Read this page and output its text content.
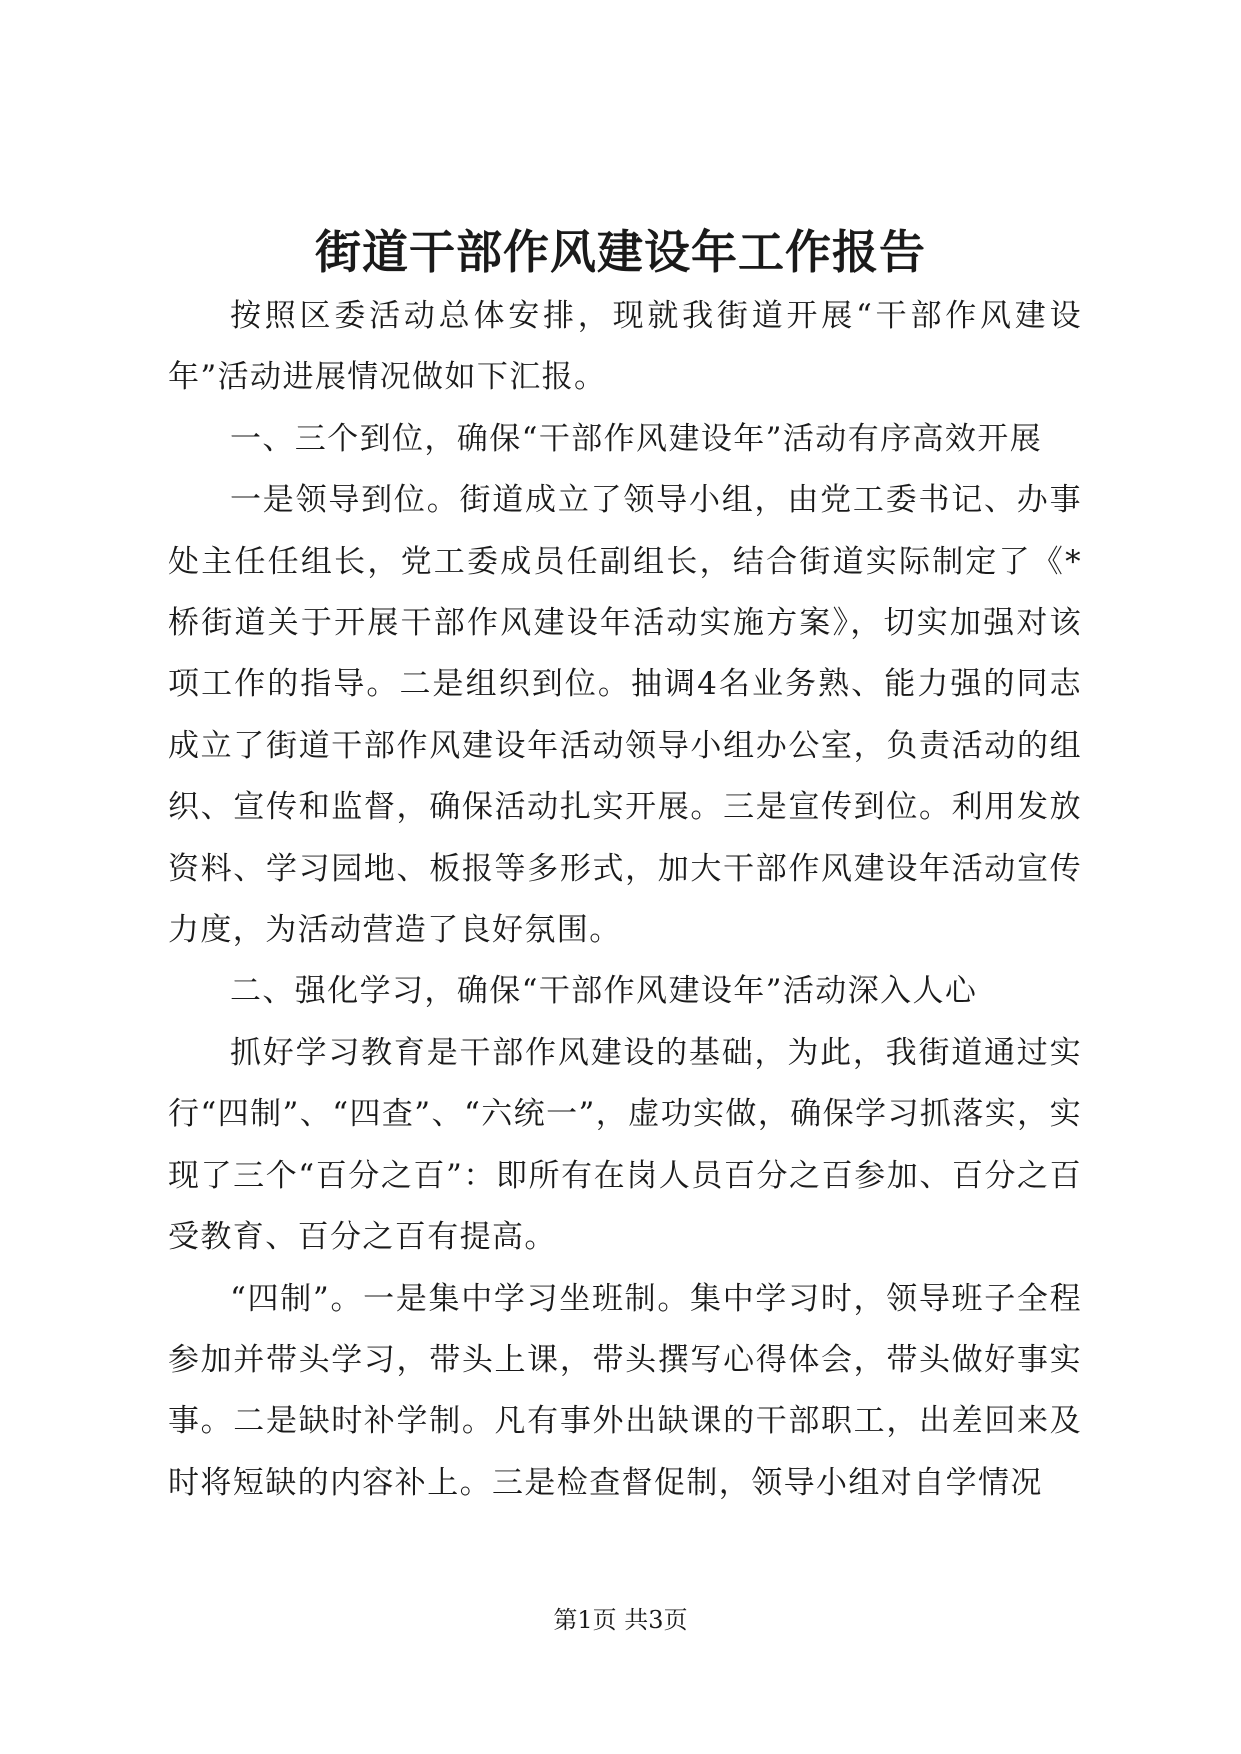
街道干部作风建设年工作报告

按照区委活动总体安排，现就我街道开展“干部作风建设年”活动进展情况做如下汇报。

一、三个到位，确保“干部作风建设年”活动有序高效开展

一是领导到位。街道成立了领导小组，由党工委书记、办事处主任任组长，党工委成员任副组长，结合街道实际制定了《*桥街道关于开展干部作风建设年活动实施方案》，切实加强对该项工作的指导。二是组织到位。抽调4名业务熟、能力强的同志成立了街道干部作风建设年活动领导小组办公室，负责活动的组织、宣传和监督，确保活动扎实开展。三是宣传到位。利用发放资料、学习园地、板报等多形式，加大干部作风建设年活动宣传力度，为活动营造了良好氛围。

二、强化学习，确保“干部作风建设年”活动深入人心

抓好学习教育是干部作风建设的基础，为此，我街道通过实行“四制”、“四查”、“六统一”，虚功实做，确保学习抓落实，实现了三个“百分之百”：即所有在岗人员百分之百参加、百分之百受教育、百分之百有提高。

“四制”。一是集中学习坐班制。集中学习时，领导班子全程参加并带头学习，带头上课，带头撰写心得体会，带头做好事实事。二是缺时补学制。凡有事外出缺课的干部职工，出差回来及时将短缺的内容补上。三是检查督促制，领导小组对自学情况

第1页 共3页
